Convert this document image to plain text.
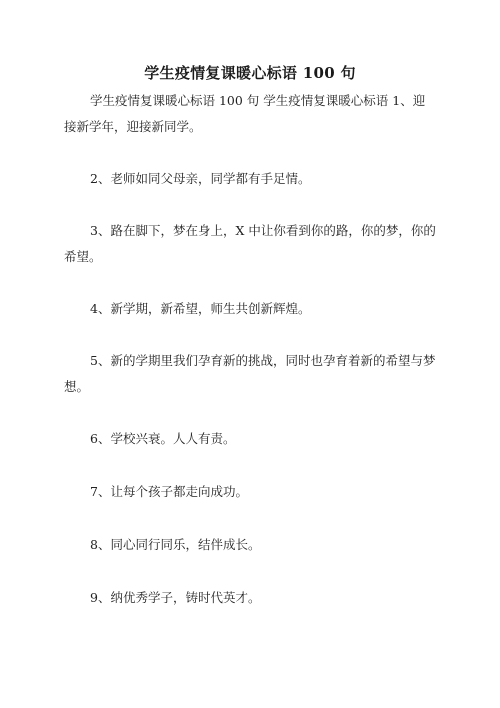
学生疫情复课暖心标语 100 句

学生疫情复课暖心标语 100 句 学生疫情复课暖心标语 1、迎接新学年，迎接新同学。

2、老师如同父母亲，同学都有手足情。

3、路在脚下，梦在身上，X 中让你看到你的路，你的梦，你的希望。

4、新学期，新希望，师生共创新辉煌。

5、新的学期里我们孕育新的挑战，同时也孕育着新的希望与梦想。

6、学校兴衰。人人有责。

7、让每个孩子都走向成功。

8、同心同行同乐，结伴成长。

9、纳优秀学子，铸时代英才。
